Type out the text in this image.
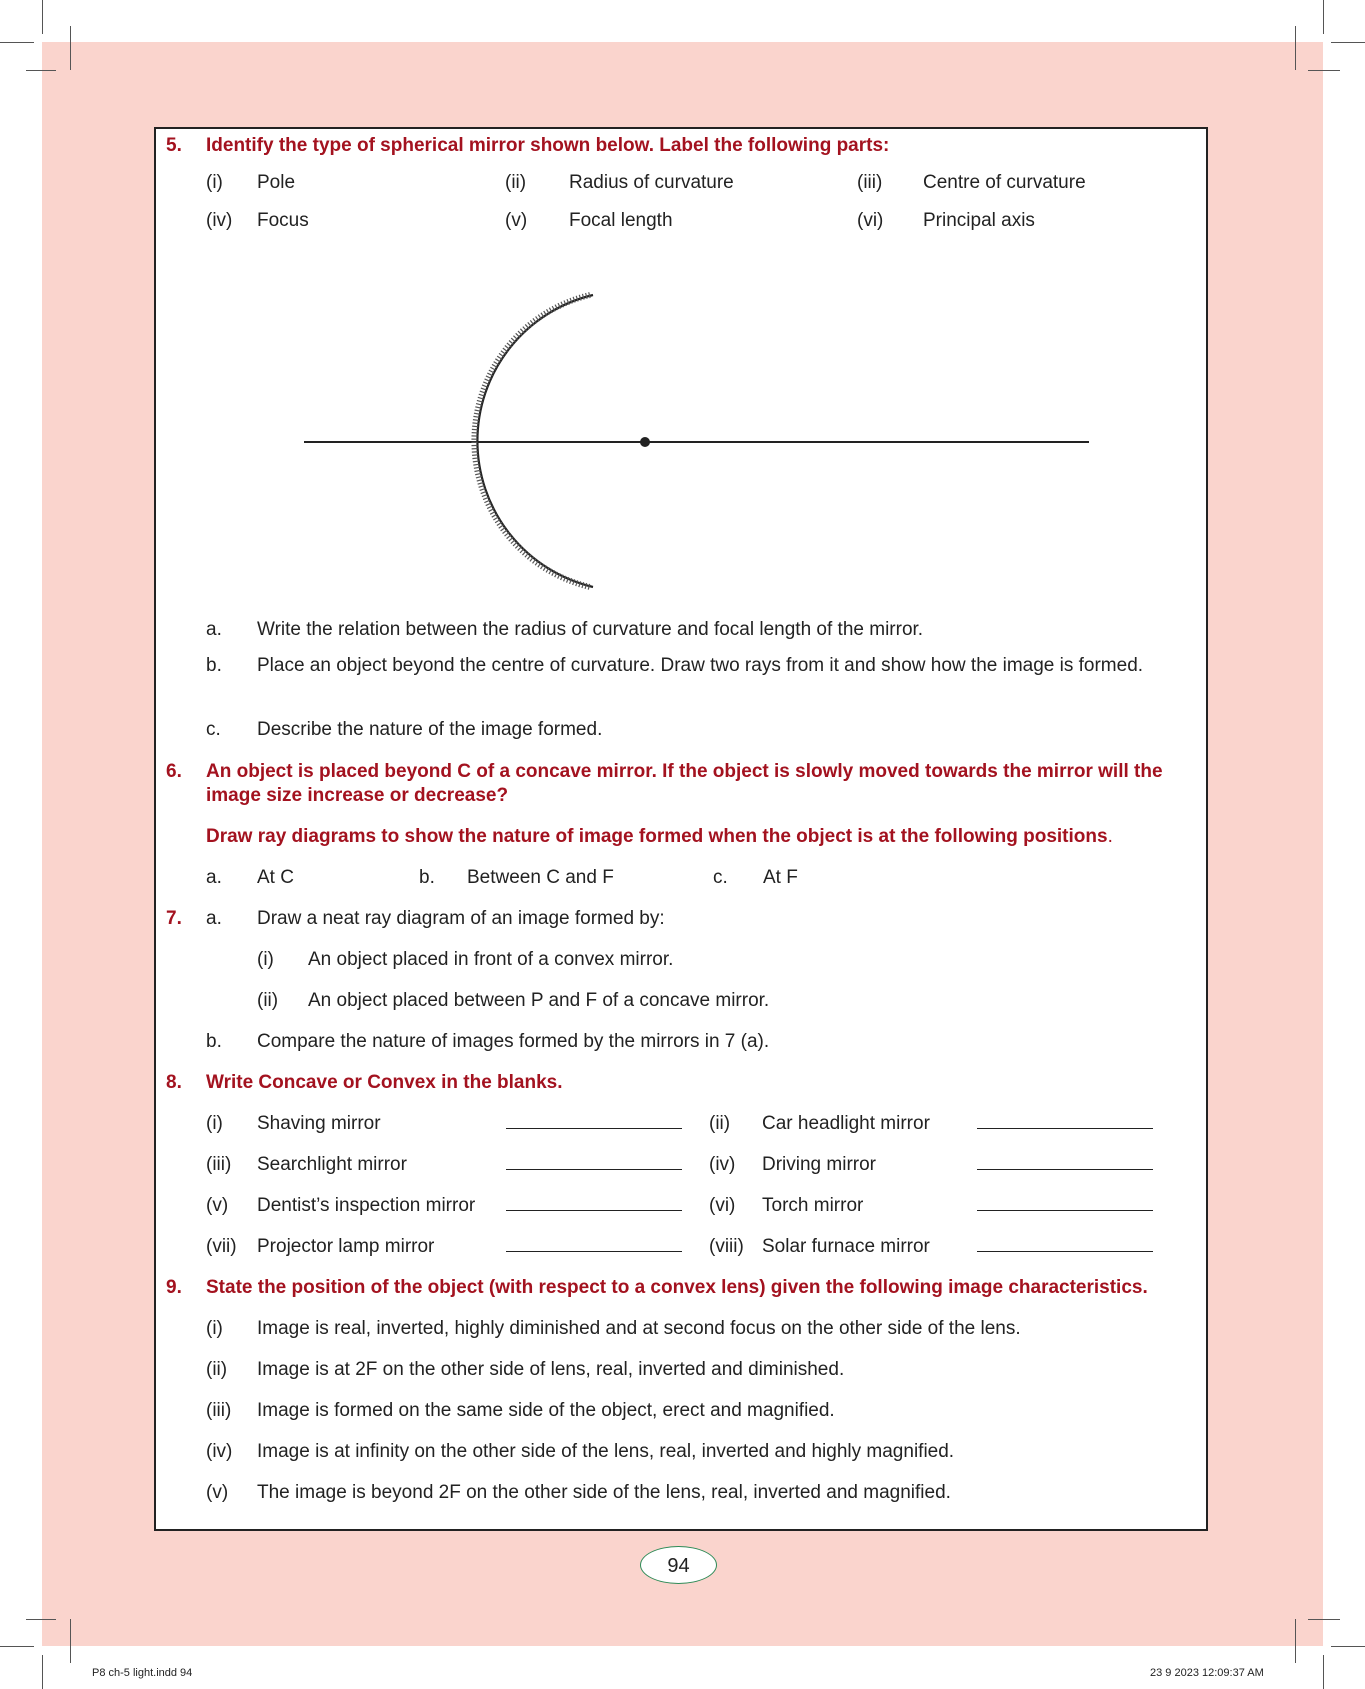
5. Identify the type of spherical mirror shown below. Label the following parts:
(i) Pole	(ii) Radius of curvature	(iii) Centre of curvature
(iv) Focus	(v) Focal length	(vi) Principal axis
a. Write the relation between the radius of curvature and focal length of the mirror.
b. Place an object beyond the centre of curvature. Draw two rays from it and show how the image is formed.
c. Describe the nature of the image formed.
6. An object is placed beyond C of a concave mirror. If the object is slowly moved towards the mirror will the image size increase or decrease?
Draw ray diagrams to show the nature of image formed when the object is at the following positions.
a. At C	b. Between C and F	c. At F
7. a. Draw a neat ray diagram of an image formed by:
(i) An object placed in front of a convex mirror.
(ii) An object placed between P and F of a concave mirror.
b. Compare the nature of images formed by the mirrors in 7 (a).
8. Write Concave or Convex in the blanks.
(i) Shaving mirror	(ii) Car headlight mirror
(iii) Searchlight mirror	(iv) Driving mirror
(v) Dentist’s inspection mirror	(vi) Torch mirror
(vii) Projector lamp mirror	(viii) Solar furnace mirror
9. State the position of the object (with respect to a convex lens) given the following image characteristics.
(i) Image is real, inverted, highly diminished and at second focus on the other side of the lens.
(ii) Image is at 2F on the other side of lens, real, inverted and diminished.
(iii) Image is formed on the same side of the object, erect and magnified.
(iv) Image is at infinity on the other side of the lens, real, inverted and highly magnified.
(v) The image is beyond 2F on the other side of the lens, real, inverted and magnified.
94
P8 ch-5 light.indd 94	23 9 2023 12:09:37 AM
